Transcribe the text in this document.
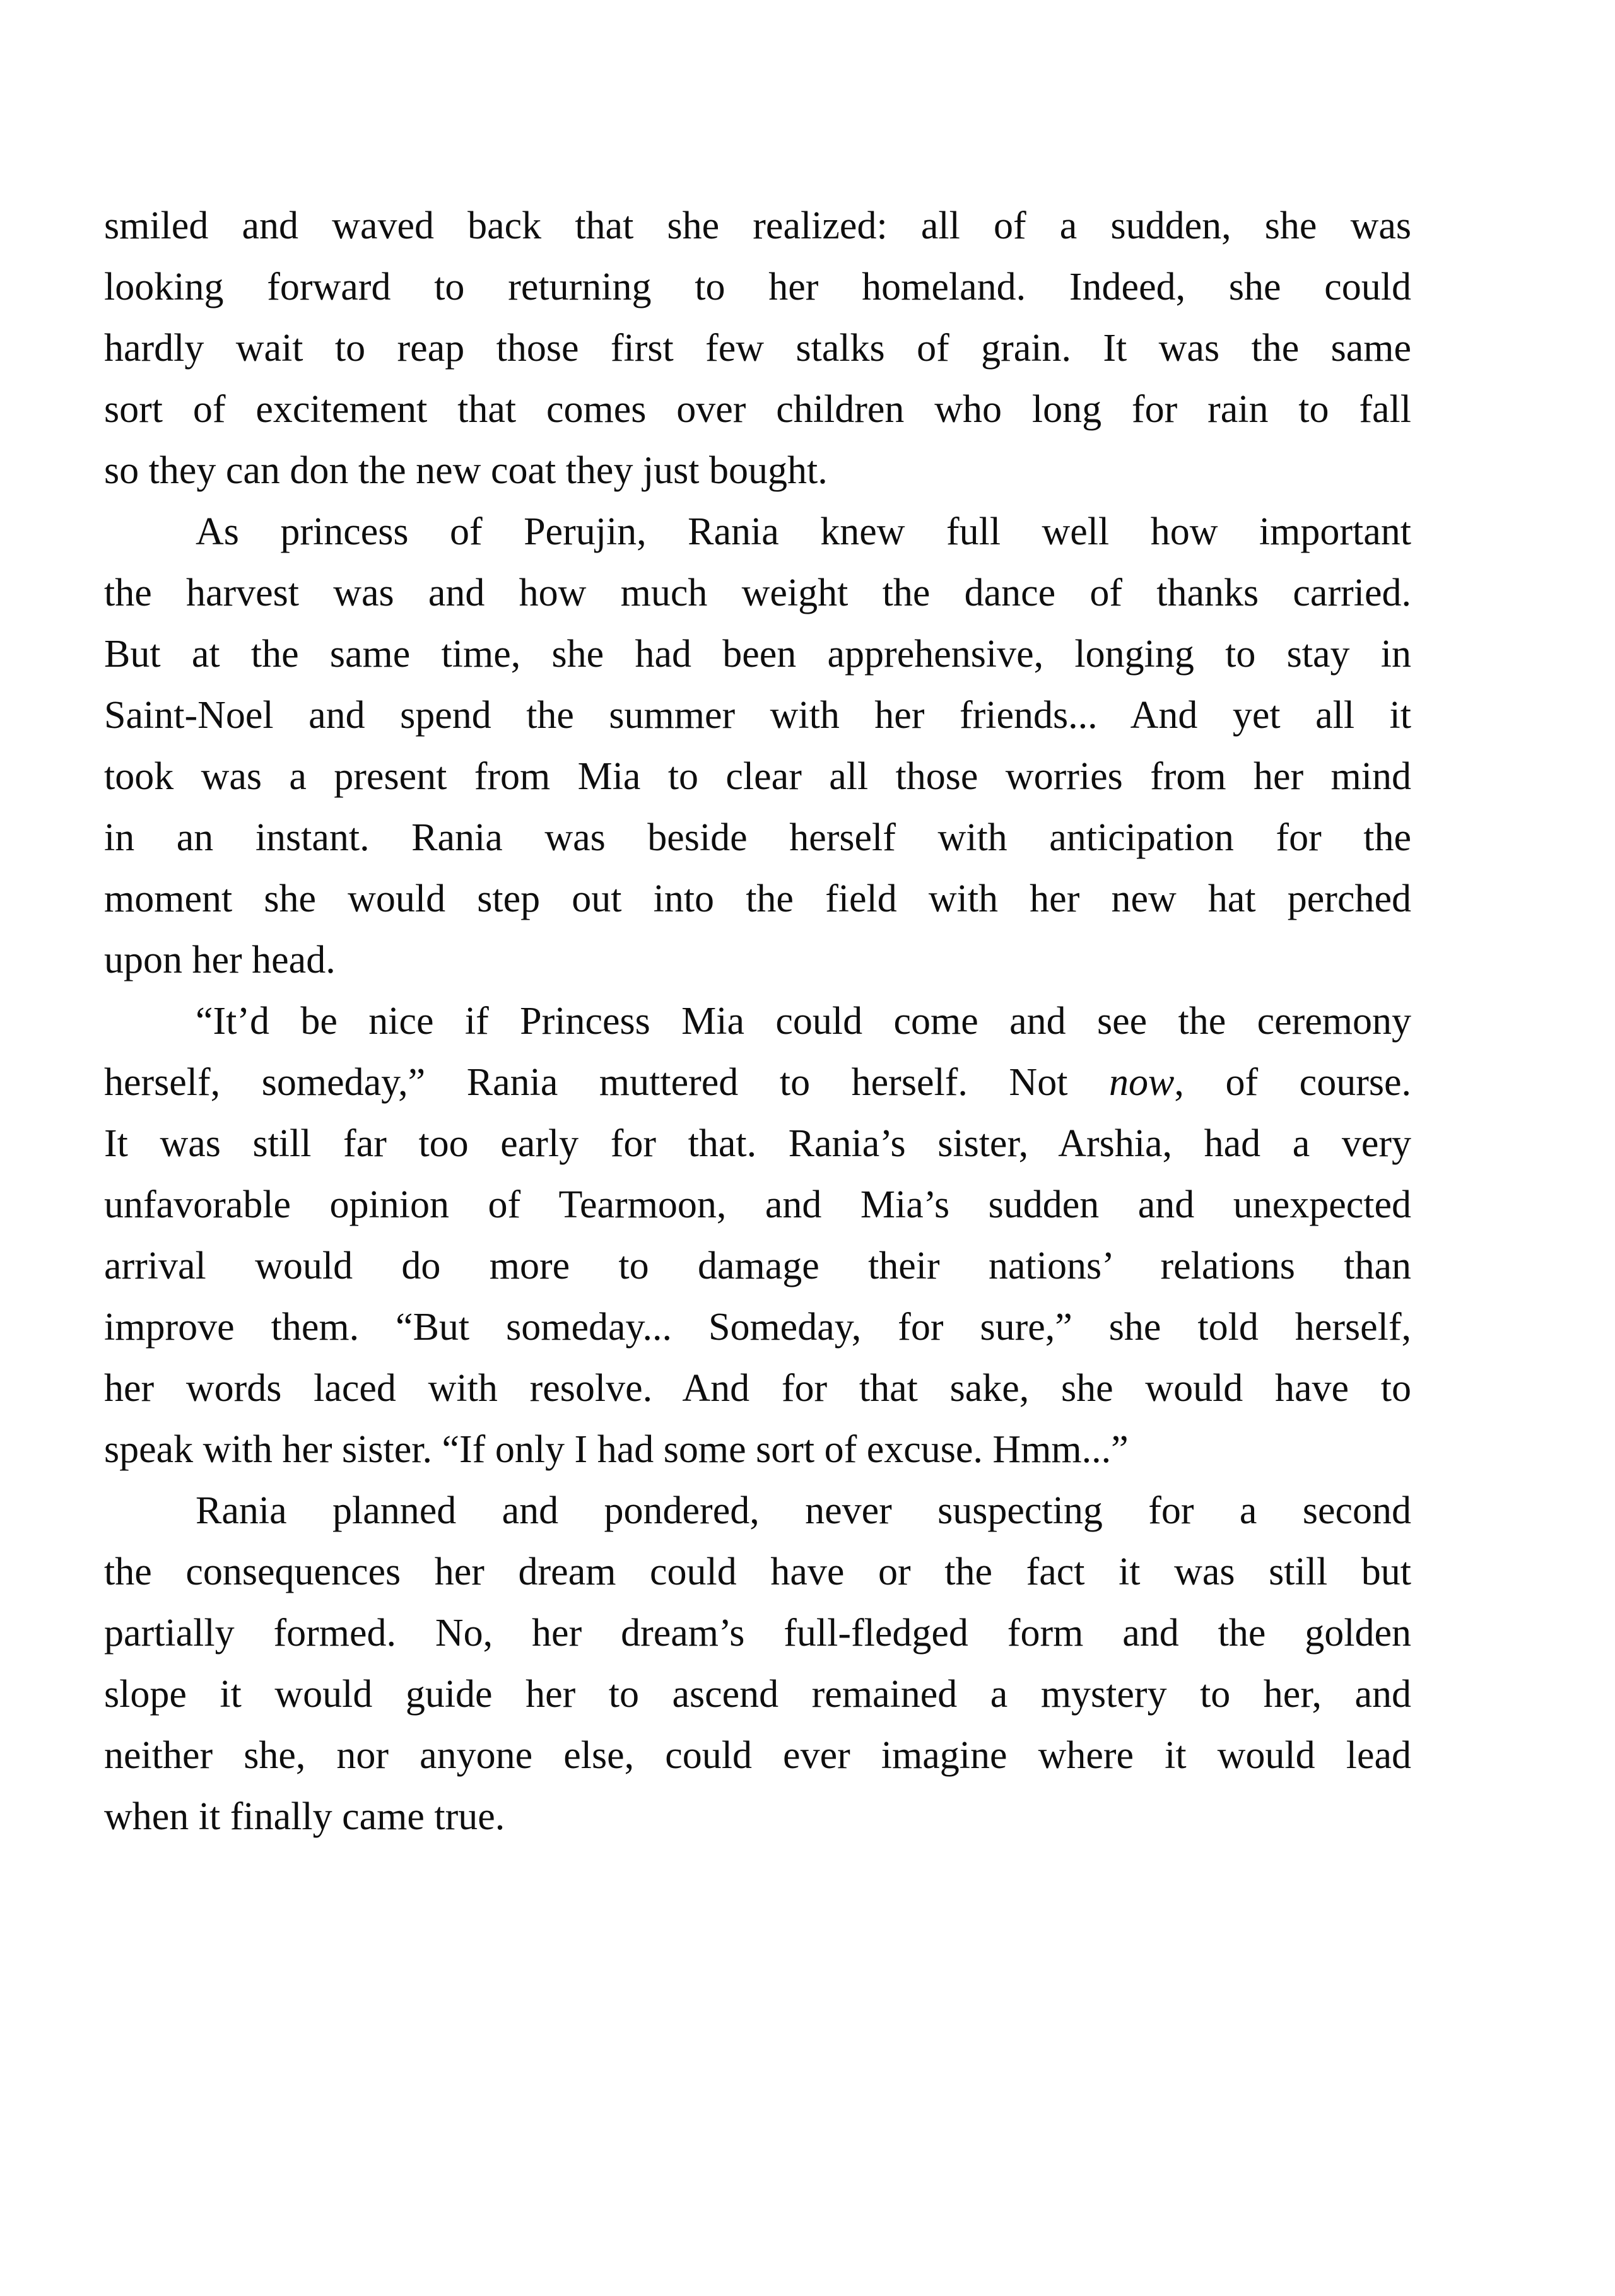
smiled and waved back that she realized: all of a sudden, she was
looking forward to returning to her homeland. Indeed, she could
hardly wait to reap those first few stalks of grain. It was the same
sort of excitement that comes over children who long for rain to fall
so they can don the new coat they just bought.
As princess of Perujin, Rania knew full well how important
the harvest was and how much weight the dance of thanks carried.
But at the same time, she had been apprehensive, longing to stay in
Saint-Noel and spend the summer with her friends... And yet all it
took was a present from Mia to clear all those worries from her mind
in an instant. Rania was beside herself with anticipation for the
moment she would step out into the field with her new hat perched
upon her head.
“It’d be nice if Princess Mia could come and see the ceremony
herself, someday,” Rania muttered to herself. Not now, of course.
It was still far too early for that. Rania’s sister, Arshia, had a very
unfavorable opinion of Tearmoon, and Mia’s sudden and unexpected
arrival would do more to damage their nations’ relations than
improve them. “But someday... Someday, for sure,” she told herself,
her words laced with resolve. And for that sake, she would have to
speak with her sister. “If only I had some sort of excuse. Hmm...”
Rania planned and pondered, never suspecting for a second
the consequences her dream could have or the fact it was still but
partially formed. No, her dream’s full-fledged form and the golden
slope it would guide her to ascend remained a mystery to her, and
neither she, nor anyone else, could ever imagine where it would lead
when it finally came true.
